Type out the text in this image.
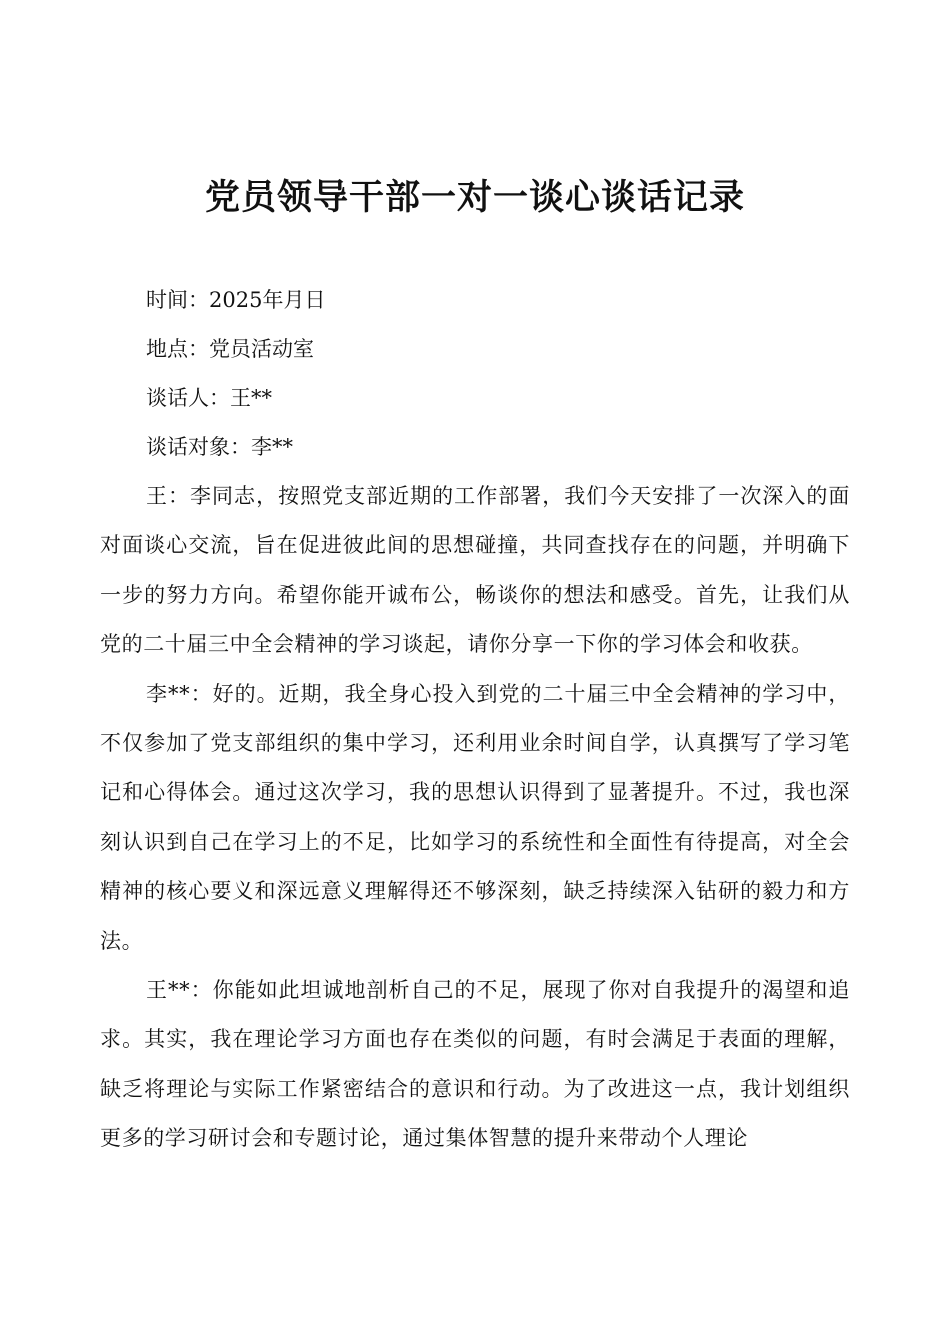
党员领导干部一对一谈心谈话记录

时间：2025年月日

地点：党员活动室

谈话人：王**

谈话对象：李**

王：李同志，按照党支部近期的工作部署，我们今天安排了一次深入的面对面谈心交流，旨在促进彼此间的思想碰撞，共同查找存在的问题，并明确下一步的努力方向。希望你能开诚布公，畅谈你的想法和感受。首先，让我们从党的二十届三中全会精神的学习谈起，请你分享一下你的学习体会和收获。

李**：好的。近期，我全身心投入到党的二十届三中全会精神的学习中，不仅参加了党支部组织的集中学习，还利用业余时间自学，认真撰写了学习笔记和心得体会。通过这次学习，我的思想认识得到了显著提升。不过，我也深刻认识到自己在学习上的不足，比如学习的系统性和全面性有待提高，对全会精神的核心要义和深远意义理解得还不够深刻，缺乏持续深入钻研的毅力和方法。

王**：你能如此坦诚地剖析自己的不足，展现了你对自我提升的渴望和追求。其实，我在理论学习方面也存在类似的问题，有时会满足于表面的理解，缺乏将理论与实际工作紧密结合的意识和行动。为了改进这一点，我计划组织更多的学习研讨会和专题讨论，通过集体智慧的提升来带动个人理论
